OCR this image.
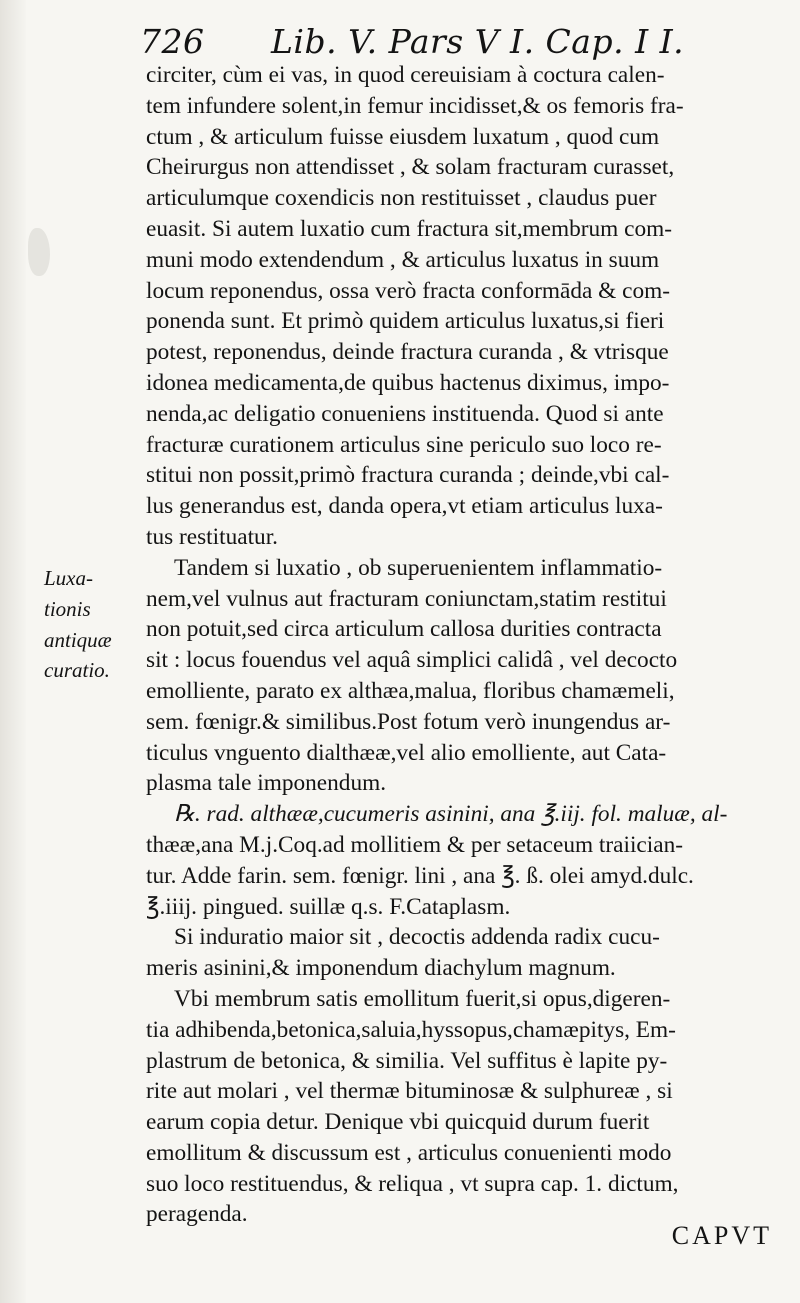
726 Lib. V. Pars V I. Cap. I I.
circiter, cùm ei vas, in quod cereuisiam à coctura calen-
tem infundere solent,in femur incidisset,& os femoris fra-
ctum , & articulum fuisse eiusdem luxatum , quod cum
Cheirurgus non attendisset , & solam fracturam curasset,
articulumque coxendicis non restituisset , claudus puer
euasit. Si autem luxatio cum fractura sit,membrum com-
muni modo extendendum , & articulus luxatus in suum
locum reponendus, ossa verò fracta conformāda & com-
ponenda sunt. Et primò quidem articulus luxatus,si fieri
potest, reponendus, deinde fractura curanda , & vtrisque
idonea medicamenta,de quibus hactenus diximus, impo-
nenda,ac deligatio conueniens instituenda. Quod si ante
fracturæ curationem articulus sine periculo suo loco re-
stitui non possit,primò fractura curanda ; deinde,vbi cal-
lus generandus est, danda opera,vt etiam articulus luxa-
tus restituatur.
Tandem si luxatio , ob superuenientem inflammatio-
nem,vel vulnus aut fracturam coniunctam,statim restitui
non potuit,sed circa articulum callosa durities contracta
sit : locus fouendus vel aquâ simplici calidâ , vel decocto
emolliente, parato ex althæa,malua, floribus chamæmeli,
sem. fœnigr.& similibus.Post fotum verò inungendus ar-
ticulus vnguento dialthææ,vel alio emolliente, aut Cata-
plasma tale imponendum.
℞. rad. althææ,cucumeris asinini, ana ℥.iij. fol. maluæ, al-
thææ,ana M.j.Coq.ad mollitiem & per setaceum traiician-
tur. Adde farin. sem. fœnigr. lini , ana ℥. ß. olei amyd.dulc.
℥.iiij. pingued. suillæ q.s. F.Cataplasm.
Si induratio maior sit , decoctis addenda radix cucu-
meris asinini,& imponendum diachylum magnum.
Vbi membrum satis emollitum fuerit,si opus,digeren-
tia adhibenda,betonica,saluia,hyssopus,chamæpitys, Em-
plastrum de betonica, & similia. Vel suffitus è lapite py-
rite aut molari , vel thermæ bituminosæ & sulphureæ , si
earum copia detur. Denique vbi quicquid durum fuerit
emollitum & discussum est , articulus conuenienti modo
suo loco restituendus, & reliqua , vt supra cap. 1. dictum,
peragenda.
Luxa-
tionis
antiquæ
curatio.
CAPVT
